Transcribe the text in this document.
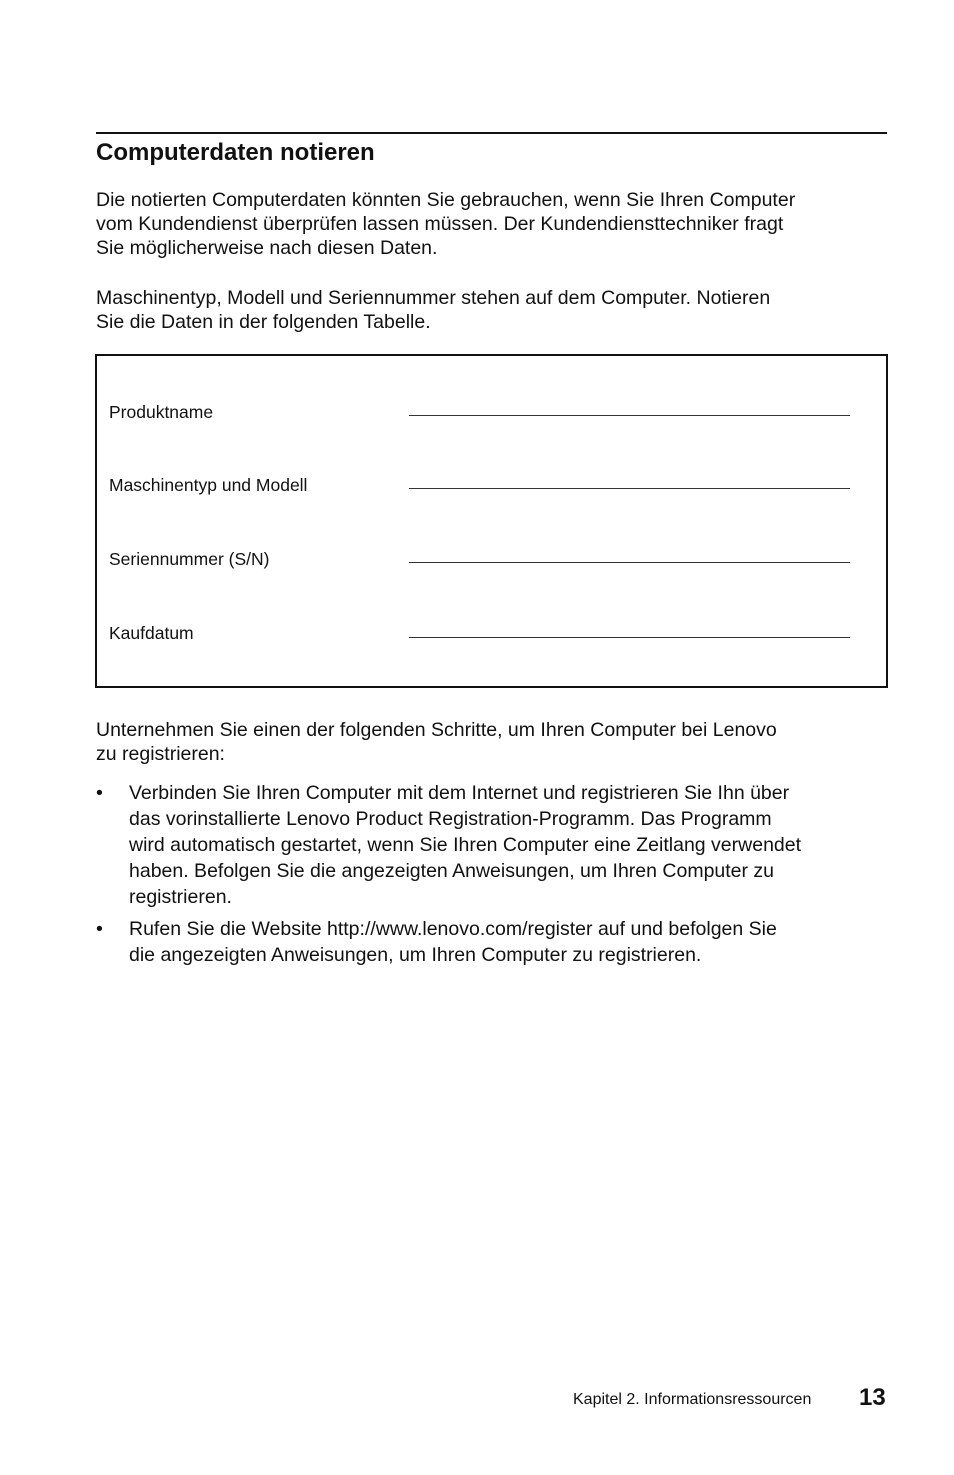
Computerdaten notieren

Die notierten Computerdaten könnten Sie gebrauchen, wenn Sie Ihren Computer
vom Kundendienst überprüfen lassen müssen. Der Kundendiensttechniker fragt
Sie möglicherweise nach diesen Daten.

Maschinentyp, Modell und Seriennummer stehen auf dem Computer. Notieren
Sie die Daten in der folgenden Tabelle.

Produktname
Maschinentyp und Modell
Seriennummer (S/N)
Kaufdatum

Unternehmen Sie einen der folgenden Schritte, um Ihren Computer bei Lenovo
zu registrieren:

• Verbinden Sie Ihren Computer mit dem Internet und registrieren Sie Ihn über
das vorinstallierte Lenovo Product Registration-Programm. Das Programm
wird automatisch gestartet, wenn Sie Ihren Computer eine Zeitlang verwendet
haben. Befolgen Sie die angezeigten Anweisungen, um Ihren Computer zu
registrieren.
• Rufen Sie die Website http://www.lenovo.com/register auf und befolgen Sie
die angezeigten Anweisungen, um Ihren Computer zu registrieren.
Kapitel 2. Informationsressourcen 13
